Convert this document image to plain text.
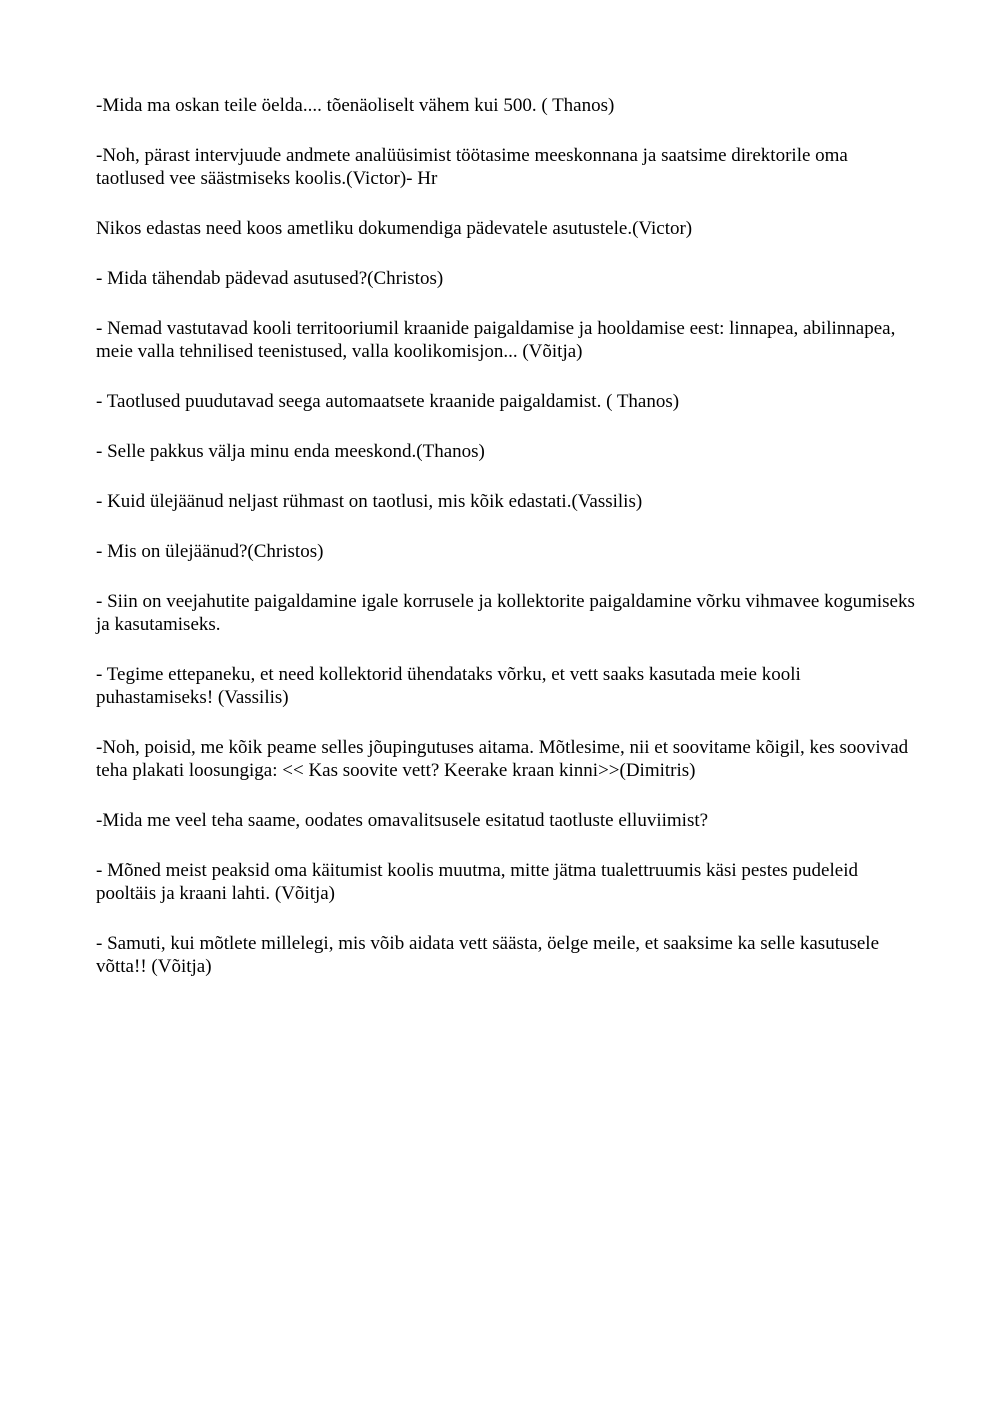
-Mida ma oskan teile öelda.... tõenäoliselt vähem kui 500. ( Thanos)

-Noh, pärast intervjuude andmete analüüsimist töötasime meeskonnana ja saatsime direktorile oma taotlused vee säästmiseks koolis.(Victor)- Hr

Nikos edastas need koos ametliku dokumendiga pädevatele asutustele.(Victor)

- Mida tähendab pädevad asutused?(Christos)

- Nemad vastutavad kooli territooriumil kraanide paigaldamise ja hooldamise eest: linnapea, abilinnapea, meie valla tehnilised teenistused, valla koolikomisjon... (Võitja)

- Taotlused puudutavad seega automaatsete kraanide paigaldamist. ( Thanos)

- Selle pakkus välja minu enda meeskond.(Thanos)

- Kuid ülejäänud neljast rühmast on taotlusi, mis kõik edastati.(Vassilis)

- Mis on ülejäänud?(Christos)

- Siin on veejahutite paigaldamine igale korrusele ja kollektorite paigaldamine võrku vihmavee kogumiseks ja kasutamiseks.

- Tegime ettepaneku, et need kollektorid ühendataks võrku, et vett saaks kasutada meie kooli puhastamiseks! (Vassilis)

-Noh, poisid, me kõik peame selles jõupingutuses aitama. Mõtlesime, nii et soovitame kõigil, kes soovivad teha plakati loosungiga: << Kas soovite vett? Keerake kraan kinni>>(Dimitris)

-Mida me veel teha saame, oodates omavalitsusele esitatud taotluste elluviimist?

- Mõned meist peaksid oma käitumist koolis muutma, mitte jätma tualettruumis käsi pestes pudeleid pooltäis ja kraani lahti. (Võitja)

- Samuti, kui mõtlete millelegi, mis võib aidata vett säästa, öelge meile, et saaksime ka selle kasutusele võtta!! (Võitja)
